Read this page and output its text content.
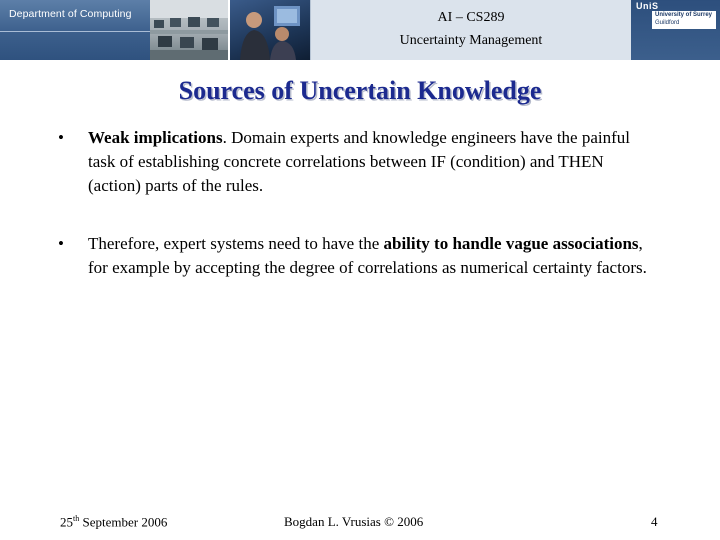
Department of Computing	AI – CS289
Uncertainty Management
UniS
University of Surrey
Guildford
Sources of Uncertain Knowledge
• Weak implications. Domain experts and knowledge engineers have the painful task of establishing concrete correlations between IF (condition) and THEN (action) parts of the rules.
• Therefore, expert systems need to have the ability to handle vague associations, for example by accepting the degree of correlations as numerical certainty factors.
25th September 2006	Bogdan L. Vrusias © 2006	4
